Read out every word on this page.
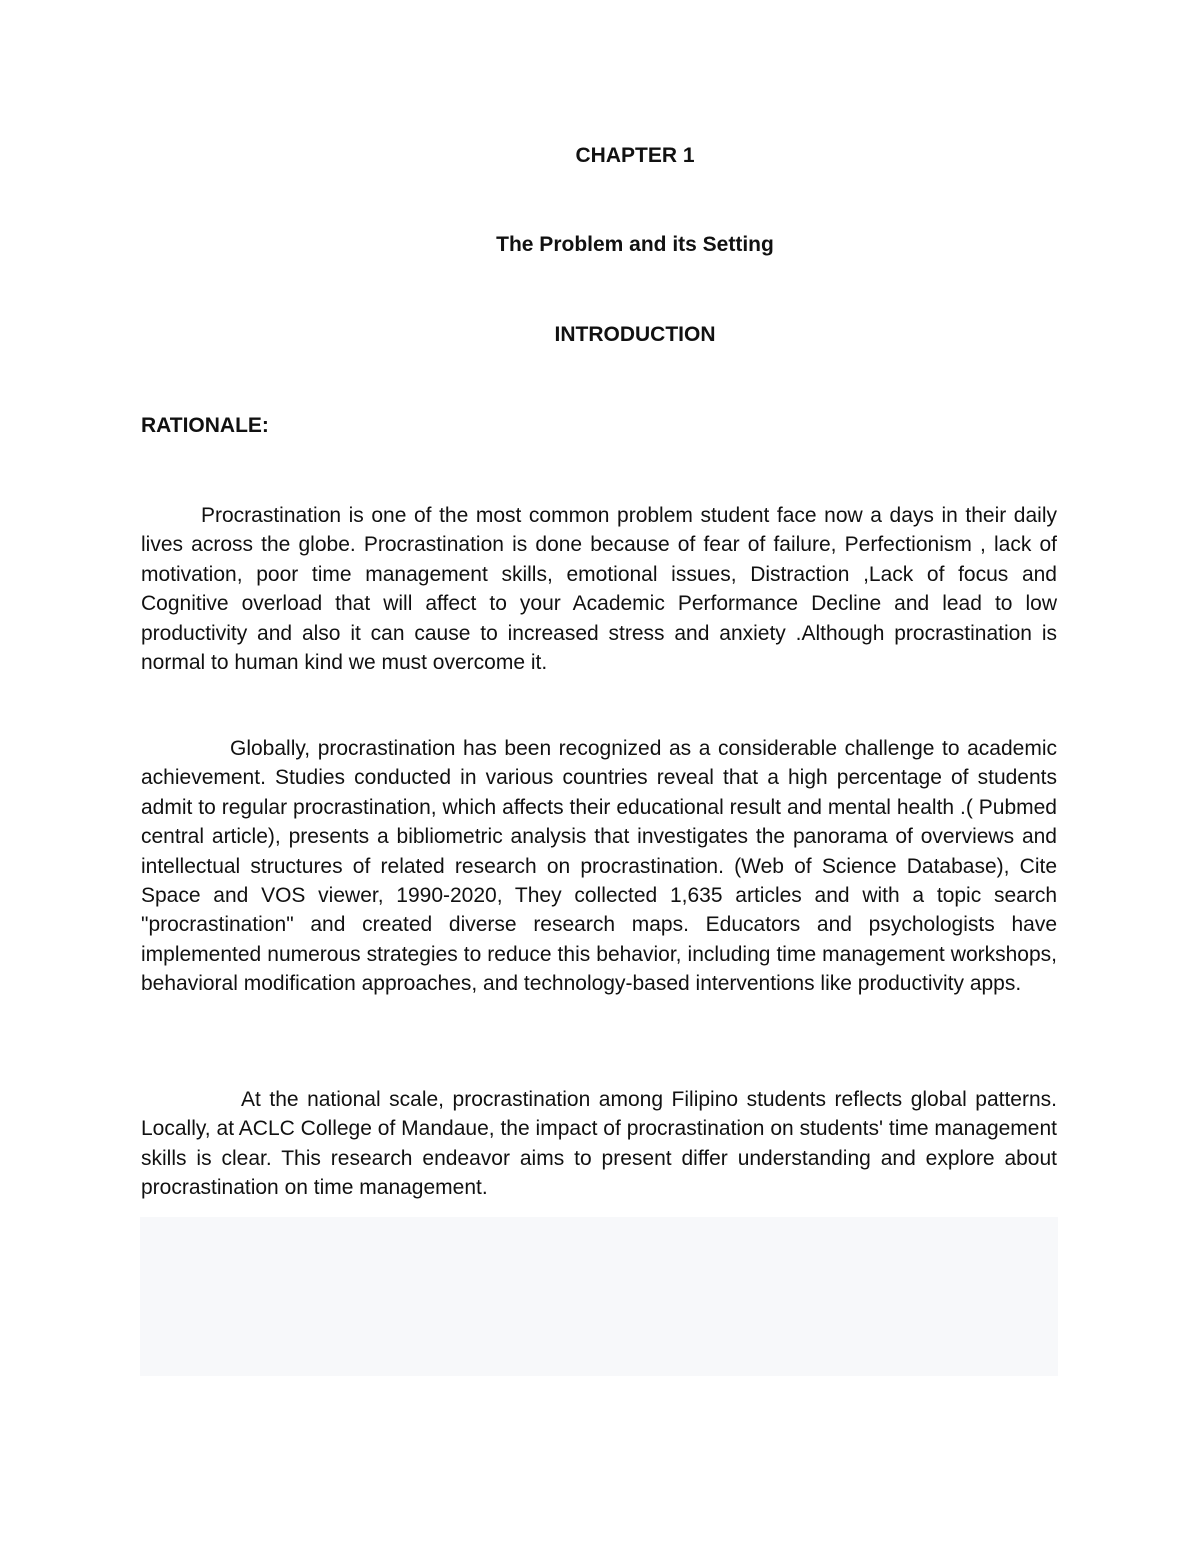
CHAPTER 1
The Problem and its Setting
INTRODUCTION
RATIONALE:

Procrastination is one of the most common problem student face now a days in their daily lives across the globe. Procrastination is done because of fear of failure, Perfectionism , lack of motivation, poor time management skills, emotional issues, Distraction ,Lack of focus and Cognitive overload that will affect to your Academic Performance Decline and lead to low productivity and also it can cause to increased stress and anxiety .Although procrastination is normal to human kind we must overcome it.

Globally, procrastination has been recognized as a considerable challenge to academic achievement. Studies conducted in various countries reveal that a high percentage of students admit to regular procrastination, which affects their educational result and mental health .( Pubmed central article), presents a bibliometric analysis that investigates the panorama of overviews and intellectual structures of related research on procrastination. (Web of Science Database), Cite Space and VOS viewer, 1990-2020, They collected 1,635 articles and with a topic search "procrastination" and created diverse research maps. Educators and psychologists have implemented numerous strategies to reduce this behavior, including time management workshops, behavioral modification approaches, and technology-based interventions like productivity apps.

At the national scale, procrastination among Filipino students reflects global patterns. Locally, at ACLC College of Mandaue, the impact of procrastination on students' time management skills is clear. This research endeavor aims to present differ understanding and explore about procrastination on time management.
